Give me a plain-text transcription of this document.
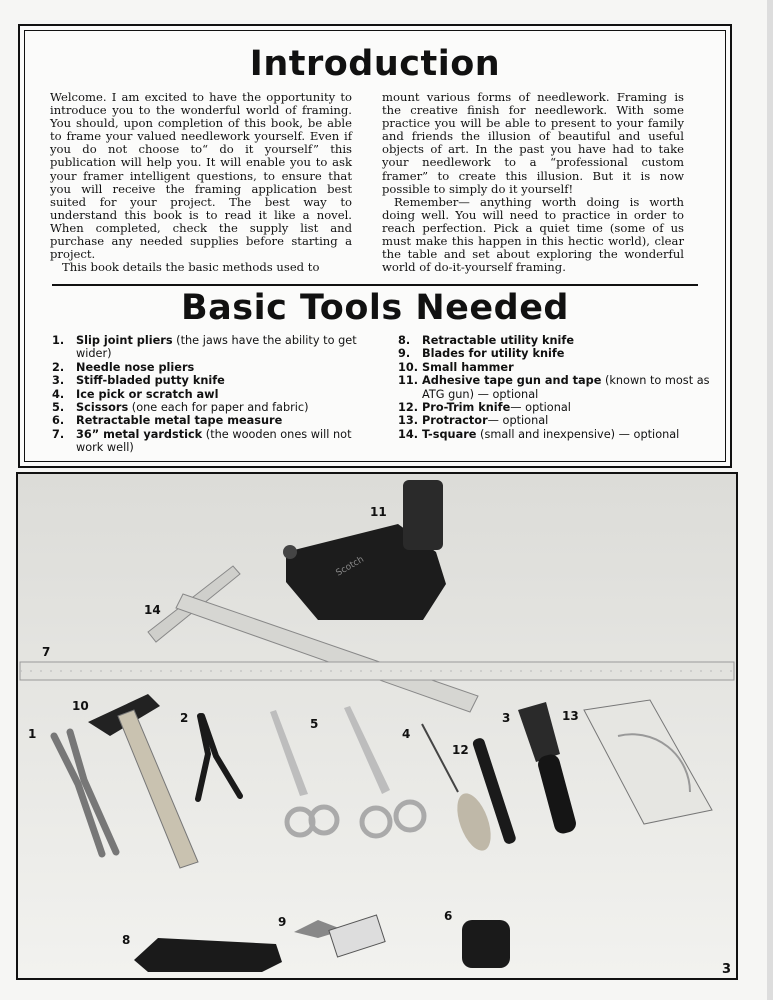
Introduction

Welcome. I am excited to have the opportunity to introduce you to the wonderful world of framing. You should, upon completion of this book, be able to frame your valued needlework yourself. Even if you do not choose to“ do it yourself” this publication will help you. It will enable you to ask your framer intelligent questions, to ensure that you will receive the framing application best suited for your project. The best way to understand this book is to read it like a novel. When completed, check the supply list and purchase any needed supplies before starting a project.

This book details the basic methods used to

mount various forms of needlework. Framing is the creative finish for needlework. With some practice you will be able to present to your family and friends the illusion of beautiful and useful objects of art. In the past you have had to take your needlework to a “professional custom framer” to create this illusion. But it is now possible to simply do it yourself!

Remember— anything worth doing is worth doing well. You will need to practice in order to reach perfection. Pick a quiet time (some of us must make this happen in this hectic world), clear the table and set about exploring the wonderful world of do-it-yourself framing.

Basic Tools Needed
1. Slip joint pliers (the jaws have the ability to get wider)
2. Needle nose pliers
3. Stiff-bladed putty knife
4. Ice pick or scratch awl
5. Scissors (one each for paper and fabric)
6. Retractable metal tape measure
7. 36” metal yardstick (the wooden ones will not work well)
8. Retractable utility knife
9. Blades for utility knife
10. Small hammer
11. Adhesive tape gun and tape (known to most as ATG gun) — optional
12. Pro-Trim knife— optional
13. Protractor— optional
14. T-square (small and inexpensive) — optional
Scotch
11
14
7
10
1
2	5
4
3
12
13
9
8
6
3
